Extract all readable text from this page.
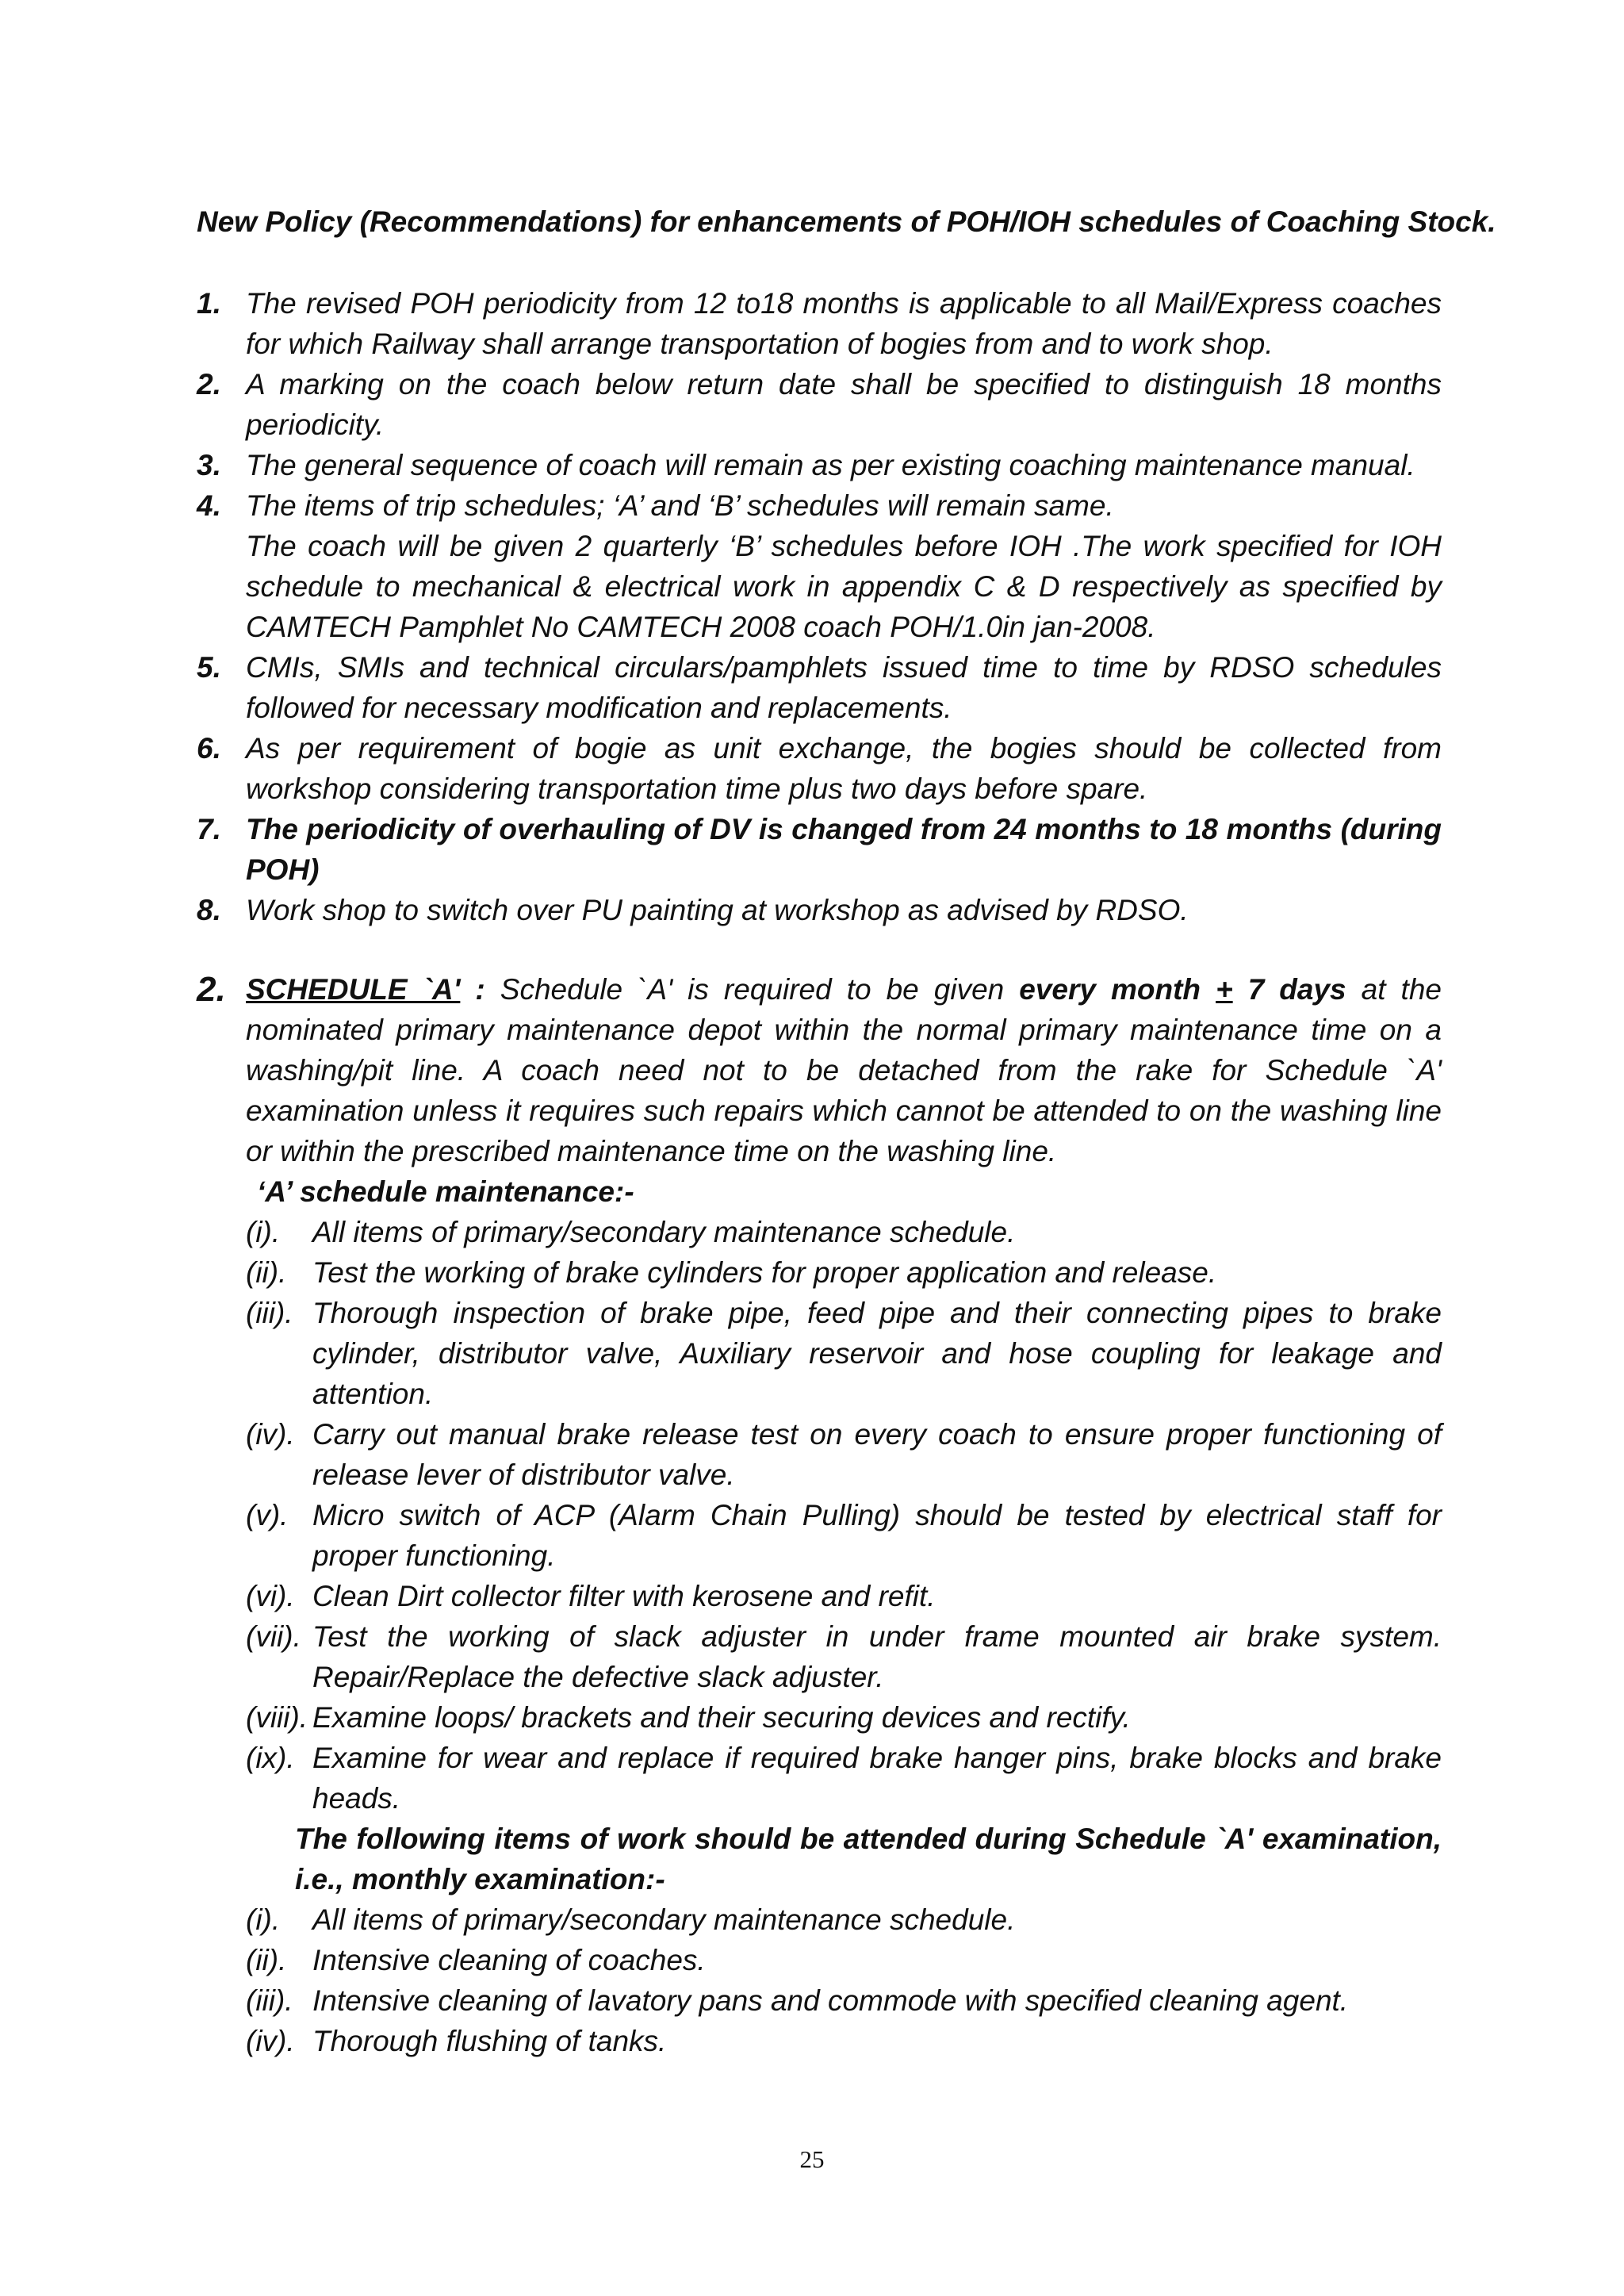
New Policy (Recommendations) for enhancements of POH/IOH schedules of Coaching Stock.
1. The revised POH periodicity from 12 to18 months is applicable to all Mail/Express coaches for which Railway shall arrange transportation of bogies from and to work shop.
2. A marking on the coach below return date shall be specified to distinguish 18 months periodicity.
3. The general sequence of coach will remain as per existing coaching maintenance manual.
4. The items of trip schedules; ‘A’ and ‘B’ schedules will remain same.
The coach will be given 2 quarterly ‘B’ schedules before IOH .The work specified for IOH schedule to mechanical & electrical work in appendix C & D respectively as specified by CAMTECH Pamphlet No CAMTECH 2008 coach POH/1.0in jan-2008.
5. CMIs, SMIs and technical circulars/pamphlets issued time to time by RDSO schedules followed for necessary modification and replacements.
6. As per requirement of bogie as unit exchange, the bogies should be collected from workshop considering transportation time plus two days before spare.
7. The periodicity of overhauling of DV is changed from 24 months to 18 months (during POH)
8. Work shop to switch over PU painting at workshop as advised by RDSO.
2. SCHEDULE `A' : Schedule `A' is required to be given every month + 7 days at the nominated primary maintenance depot within the normal primary maintenance time on a washing/pit line. A coach need not to be detached from the rake for Schedule `A' examination unless it requires such repairs which cannot be attended to on the washing line or within the prescribed maintenance time on the washing line.
‘A’ schedule maintenance:-
(i).	All items of primary/secondary maintenance schedule.
(ii). Test the working of brake cylinders for proper application and release.
(iii). Thorough inspection of brake pipe, feed pipe and their connecting pipes to brake cylinder, distributor valve, Auxiliary reservoir and hose coupling for leakage and attention.
(iv). Carry out manual brake release test on every coach to ensure proper functioning of release lever of distributor valve.
(v). Micro switch of ACP (Alarm Chain Pulling) should be tested by electrical staff for proper functioning.
(vi). Clean Dirt collector filter with kerosene and refit.
(vii). Test the working of slack adjuster in under frame mounted air brake system. Repair/Replace the defective slack adjuster.
(viii). Examine loops/ brackets and their securing devices and rectify.
(ix). Examine for wear and replace if required brake hanger pins, brake blocks and brake heads.
The following items of work should be attended during Schedule `A' examination, i.e., monthly examination:-
(i).	All items of primary/secondary maintenance schedule.
(ii). Intensive cleaning of coaches.
(iii). Intensive cleaning of lavatory pans and commode with specified cleaning agent.
(iv). Thorough flushing of tanks.
25
